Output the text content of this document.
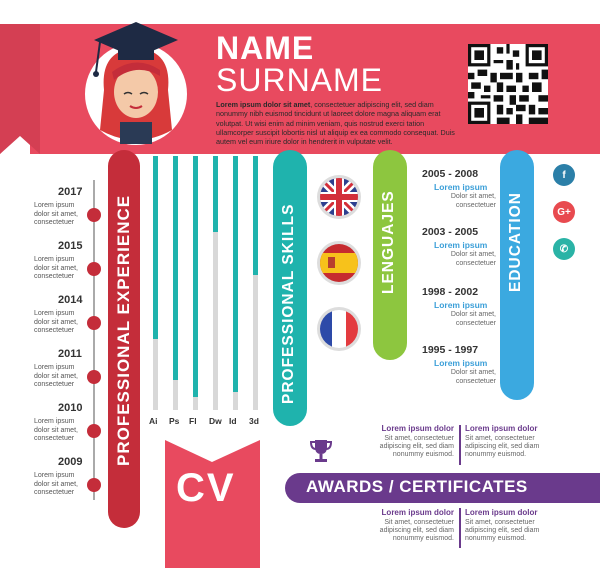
NAME
SURNAME
Lorem ipsum dolor sit amet, consectetuer adipiscing elit, sed diam nonummy nibh euismod tincidunt ut laoreet dolore magna aliquam erat volutpat. Ut wisi enim ad minim veniam, quis nostrud exerci tation ullamcorper suscipit lobortis nisl ut aliquip ex ea commodo consequat. Duis autem vel eum iriure dolor in hendrerit in vulputate velit.
2017
Lorem ipsum dolor sit amet, consectetuer
2015
Lorem ipsum dolor sit amet, consectetuer
2014
Lorem ipsum dolor sit amet, consectetuer
2011
Lorem ipsum dolor sit amet, consectetuer
2010
Lorem ipsum dolor sit amet, consectetuer
2009
Lorem ipsum dolor sit amet, consectetuer
PROFESSIONAL EXPERIENCE Ai Ps Fl Dw Id 3d
PROFESSIONAL SKILLS	LENGUAJES
2005 - 2008
Lorem ipsum
Dolor sit amet, consectetuer
2003 - 2005
Lorem ipsum
Dolor sit amet, consectetuer
1998 - 2002
Lorem ipsum
Dolor sit amet, consectetuer
1995 - 1997
Lorem ipsum
Dolor sit amet, consectetuer
EDUCATION
f
G+
✆
CV	AWARDS / CERTIFICATES
Lorem ipsum dolor
Sit amet, consectetuer adipiscing elit, sed diam nonummy euismod.
Lorem ipsum dolor
Sit amet, consectetuer adipiscing elit, sed diam nonummy euismod.
Lorem ipsum dolor
Sit amet, consectetuer adipiscing elit, sed diam nonummy euismod.
Lorem ipsum dolor
Sit amet, consectetuer adipiscing elit, sed diam nonummy euismod.
